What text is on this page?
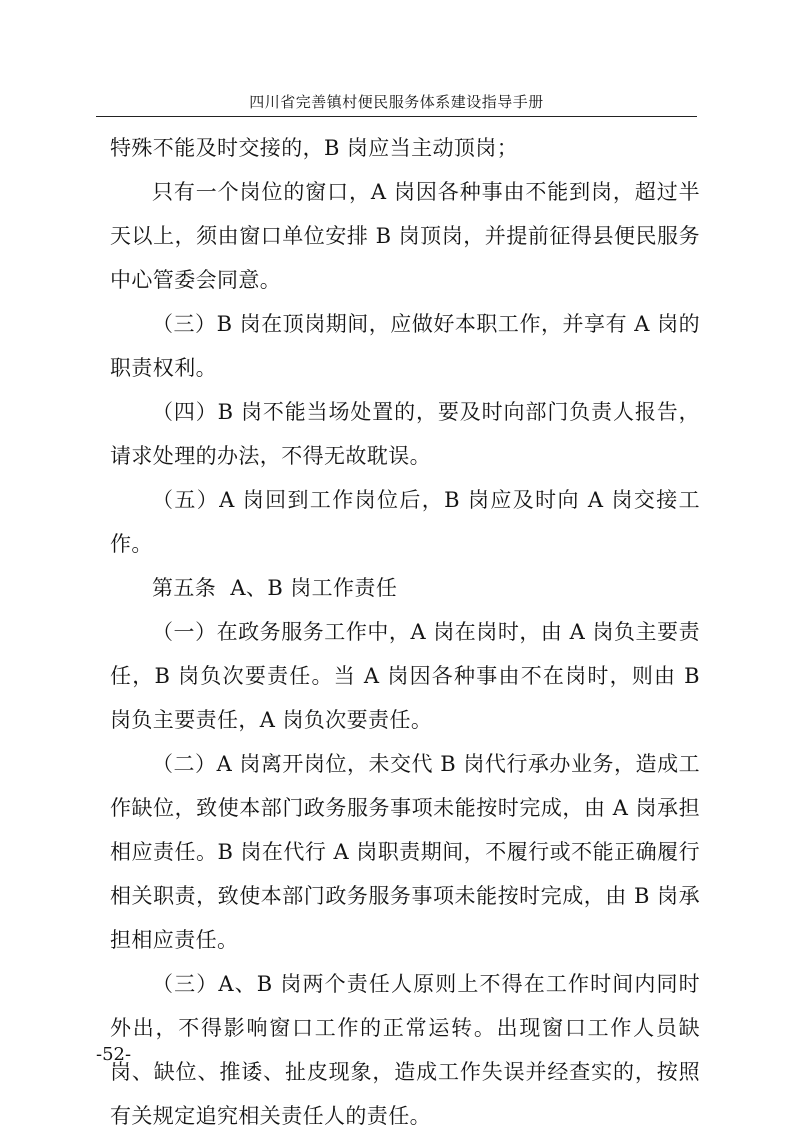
四川省完善镇村便民服务体系建设指导手册

特殊不能及时交接的，B 岗应当主动顶岗；

只有一个岗位的窗口，A 岗因各种事由不能到岗，超过半天以上，须由窗口单位安排 B 岗顶岗，并提前征得县便民服务中心管委会同意。

（三）B 岗在顶岗期间，应做好本职工作，并享有 A 岗的职责权利。

（四）B 岗不能当场处置的，要及时向部门负责人报告，请求处理的办法，不得无故耽误。

（五）A 岗回到工作岗位后，B 岗应及时向 A 岗交接工作。

第五条  A、B 岗工作责任

（一）在政务服务工作中，A 岗在岗时，由 A 岗负主要责任，B 岗负次要责任。当 A 岗因各种事由不在岗时，则由 B 岗负主要责任，A 岗负次要责任。

（二）A 岗离开岗位，未交代 B 岗代行承办业务，造成工作缺位，致使本部门政务服务事项未能按时完成，由 A 岗承担相应责任。B 岗在代行 A 岗职责期间，不履行或不能正确履行相关职责，致使本部门政务服务事项未能按时完成，由 B 岗承担相应责任。

（三）A、B 岗两个责任人原则上不得在工作时间内同时外出，不得影响窗口工作的正常运转。出现窗口工作人员缺岗、缺位、推诿、扯皮现象，造成工作失误并经查实的，按照有关规定追究相关责任人的责任。

-52-
